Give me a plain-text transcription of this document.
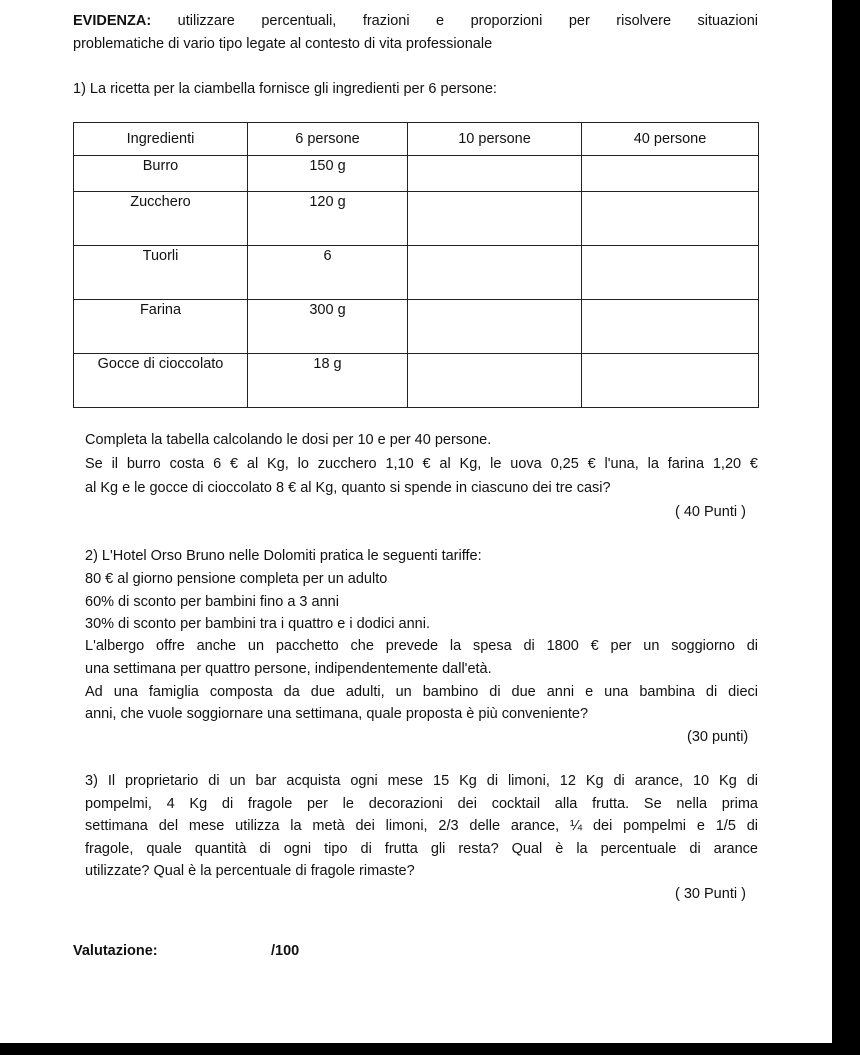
EVIDENZA: utilizzare percentuali, frazioni e proporzioni per risolvere situazioni

problematiche di vario tipo legate al contesto di vita professionale

1) La ricetta per la ciambella fornisce gli ingredienti per 6 persone:

Ingredienti	6 persone	10 persone	40 persone
Burro	150 g		
Zucchero	120 g		
Tuorli	6		
Farina	300 g		
Gocce di cioccolato	18 g		

Completa la tabella calcolando le dosi per 10 e per 40 persone.

Se il burro costa 6 € al Kg, lo zucchero 1,10 € al Kg, le uova 0,25 € l'una, la farina 1,20 €

al Kg e le gocce di cioccolato 8 € al Kg, quanto si spende in ciascuno dei tre casi?

( 40 Punti )

2) L'Hotel Orso Bruno nelle Dolomiti pratica le seguenti tariffe:

80 € al giorno pensione completa per un adulto

60% di sconto per bambini fino a 3 anni

30% di sconto per bambini tra i quattro e i dodici anni.

L'albergo offre anche un pacchetto che prevede la spesa di 1800 € per un soggiorno di

una settimana per quattro persone, indipendentemente dall'età.

Ad una famiglia composta da due adulti, un bambino di due anni e una bambina di dieci

anni, che vuole soggiornare una settimana, quale proposta è più conveniente?

(30 punti)

3) Il proprietario di un bar acquista ogni mese 15 Kg di limoni, 12 Kg di arance, 10 Kg di

pompelmi, 4 Kg di fragole per le decorazioni dei cocktail alla frutta. Se nella prima

settimana del mese utilizza la metà dei limoni, 2/3 delle arance, ¼ dei pompelmi e 1/5 di

fragole, quale quantità di ogni tipo di frutta gli resta? Qual è la percentuale di arance

utilizzate? Qual è la percentuale di fragole rimaste?

( 30 Punti )

Valutazione:	/100
